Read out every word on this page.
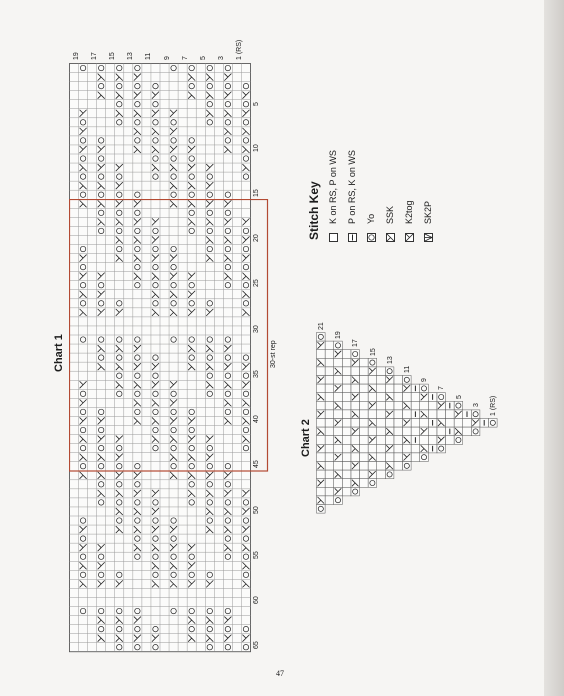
Chart 1
19 17 15 13 11 9 7 5 3 1 (RS)
5
10
15
20
25
30
35
40
45
50
55
60
65
30-st rep
Chart 2
21
19
17
15
13
11
9
7
5
3 1 (RS)
Stitch Key K on RS, P on WS P on RS, K on WS Yo SSK K2tog SK2P
47
